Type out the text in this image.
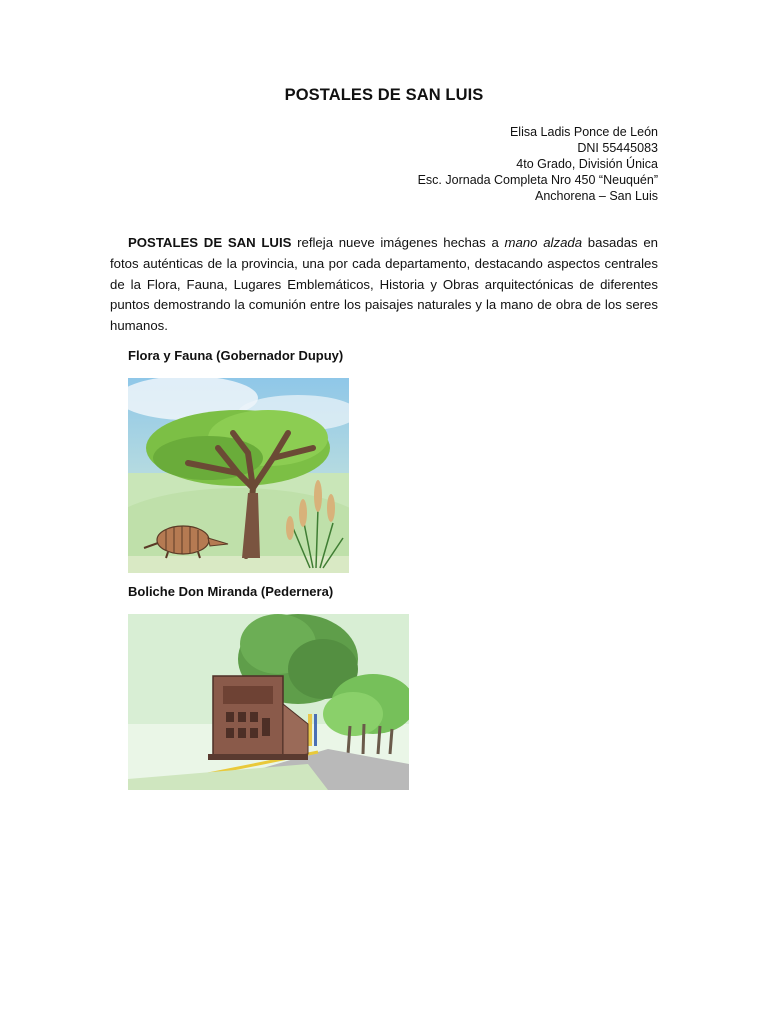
POSTALES DE SAN LUIS
Elisa Ladis Ponce de León
DNI 55445083
4to Grado, División Única
Esc. Jornada Completa Nro 450 “Neuquén”
Anchorena – San Luis

POSTALES DE SAN LUIS refleja nueve imágenes hechas a mano alzada basadas en fotos auténticas de la provincia, una por cada departamento, destacando aspectos centrales de la Flora, Fauna, Lugares Emblemáticos, Historia y Obras arquitectónicas de diferentes puntos demostrando la comunión entre los paisajes naturales y la mano de obra de los seres humanos.

Flora y Fauna (Gobernador Dupuy)
Boliche Don Miranda (Pedernera)
